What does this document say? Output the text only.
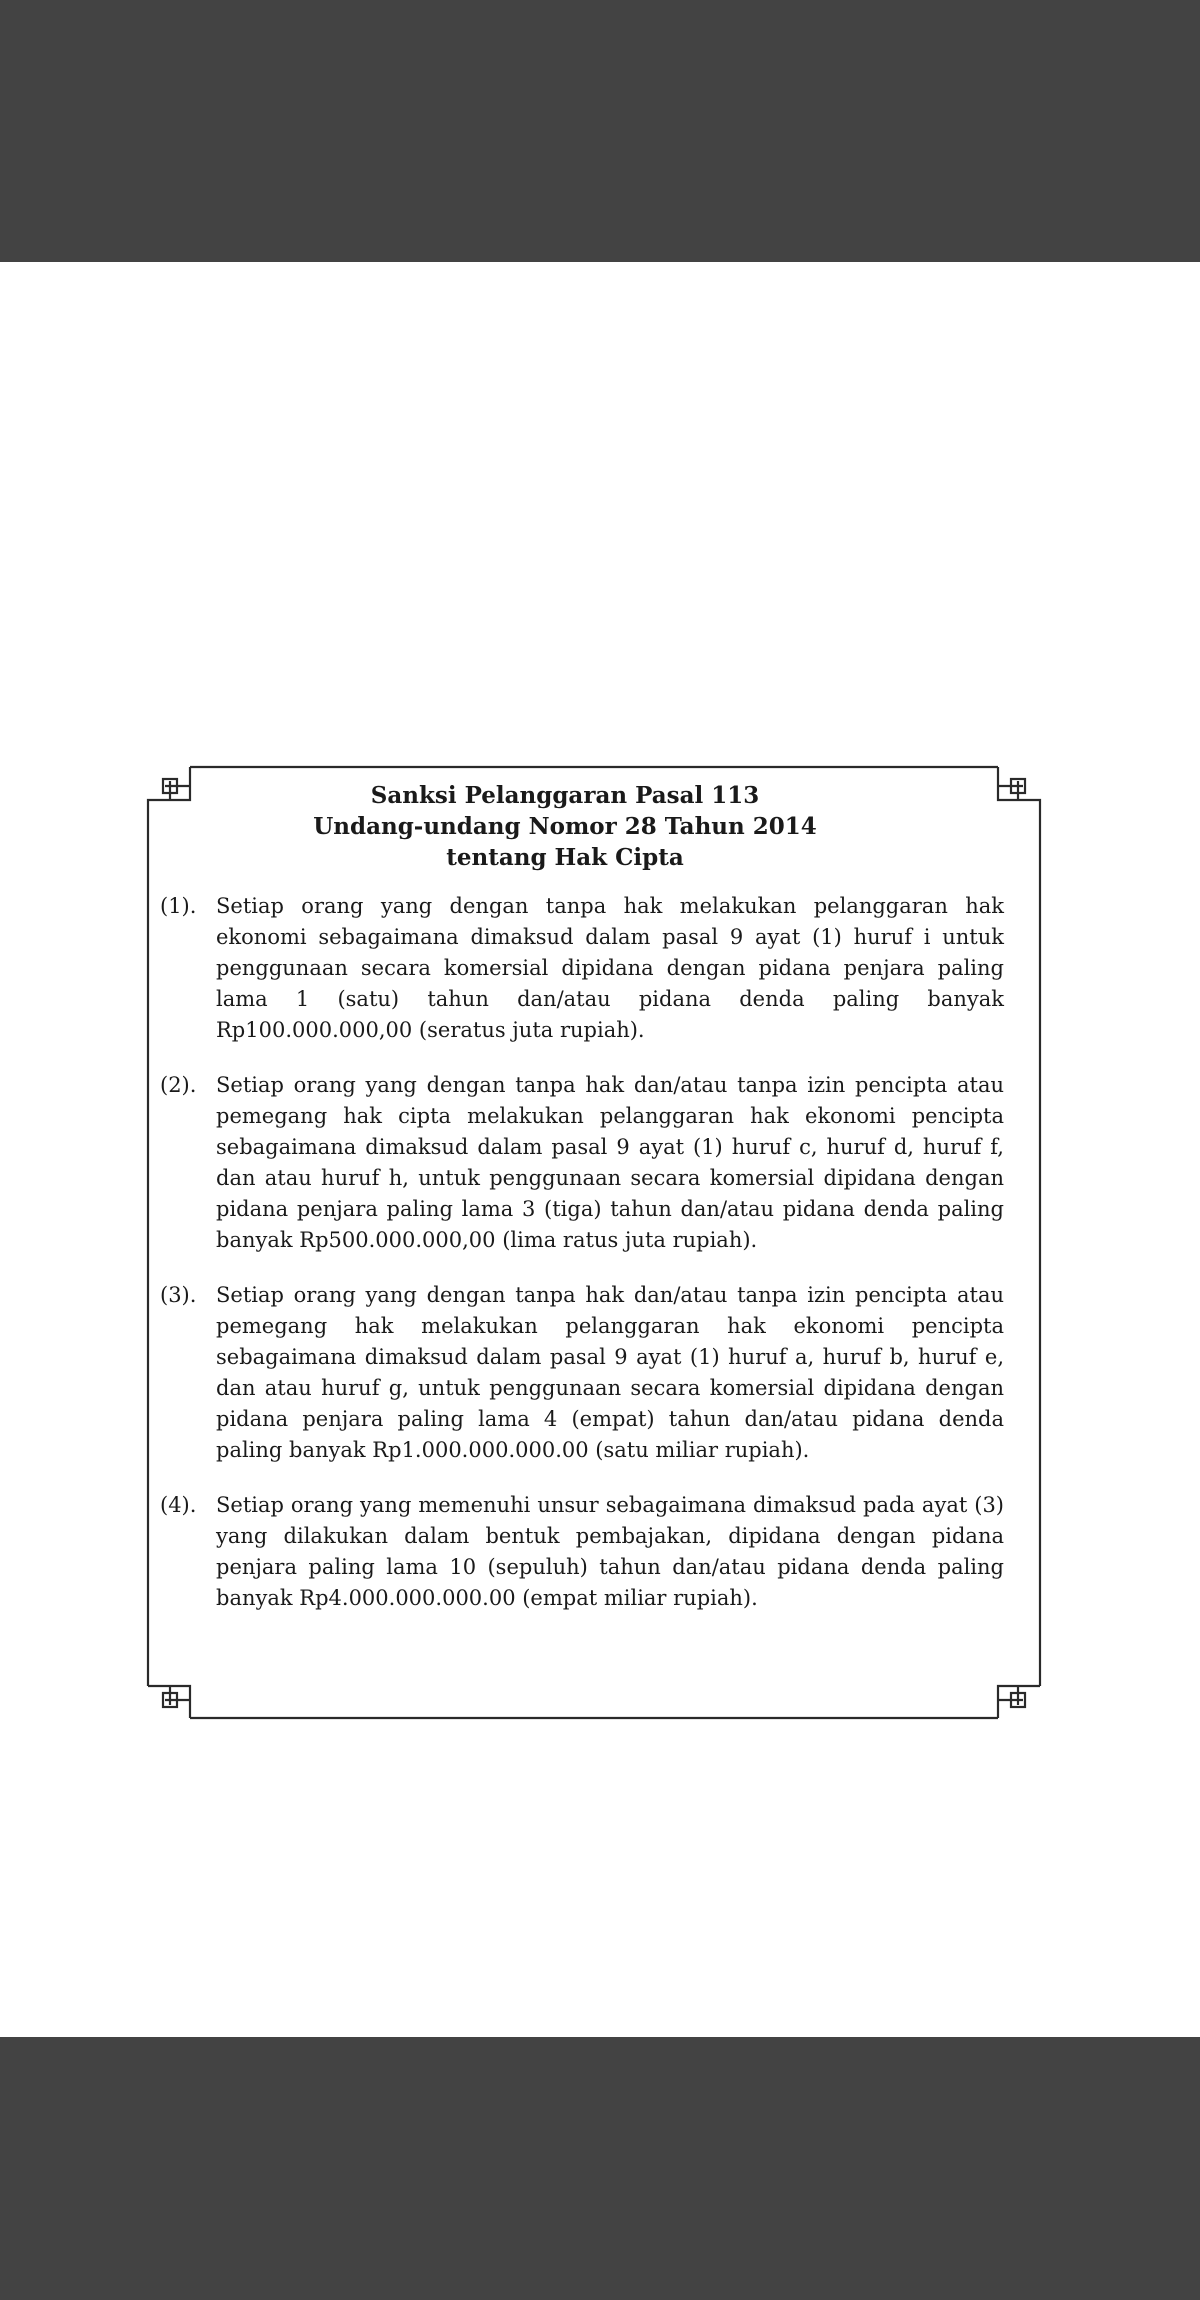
Sanksi Pelanggaran Pasal 113
Undang-undang Nomor 28 Tahun 2014
tentang Hak Cipta
(1). Setiap orang yang dengan tanpa hak melakukan pelanggaran hak ekonomi sebagaimana dimaksud dalam pasal 9 ayat (1) huruf i untuk penggunaan secara komersial dipidana dengan pidana penjara paling lama 1 (satu) tahun dan/atau pidana denda paling banyak Rp100.000.000,00 (seratus juta rupiah).
(2). Setiap orang yang dengan tanpa hak dan/atau tanpa izin pencipta atau pemegang hak cipta melakukan pelanggaran hak ekonomi pencipta sebagaimana dimaksud dalam pasal 9 ayat (1) huruf c, huruf d, huruf f, dan atau huruf h, untuk penggunaan secara komersial dipidana dengan pidana penjara paling lama 3 (tiga) tahun dan/atau pidana denda paling banyak Rp500.000.000,00 (lima ratus juta rupiah).
(3). Setiap orang yang dengan tanpa hak dan/atau tanpa izin pencipta atau pemegang hak melakukan pelanggaran hak ekonomi pencipta sebagaimana dimaksud dalam pasal 9 ayat (1) huruf a, huruf b, huruf e, dan atau huruf g, untuk penggunaan secara komersial dipidana dengan pidana penjara paling lama 4 (empat) tahun dan/atau pidana denda paling banyak Rp1.000.000.000.00 (satu miliar rupiah).
(4). Setiap orang yang memenuhi unsur sebagaimana dimaksud pada ayat (3) yang dilakukan dalam bentuk pembajakan, dipidana dengan pidana penjara paling lama 10 (sepuluh) tahun dan/atau pidana denda paling banyak Rp4.000.000.000.00 (empat miliar rupiah).
